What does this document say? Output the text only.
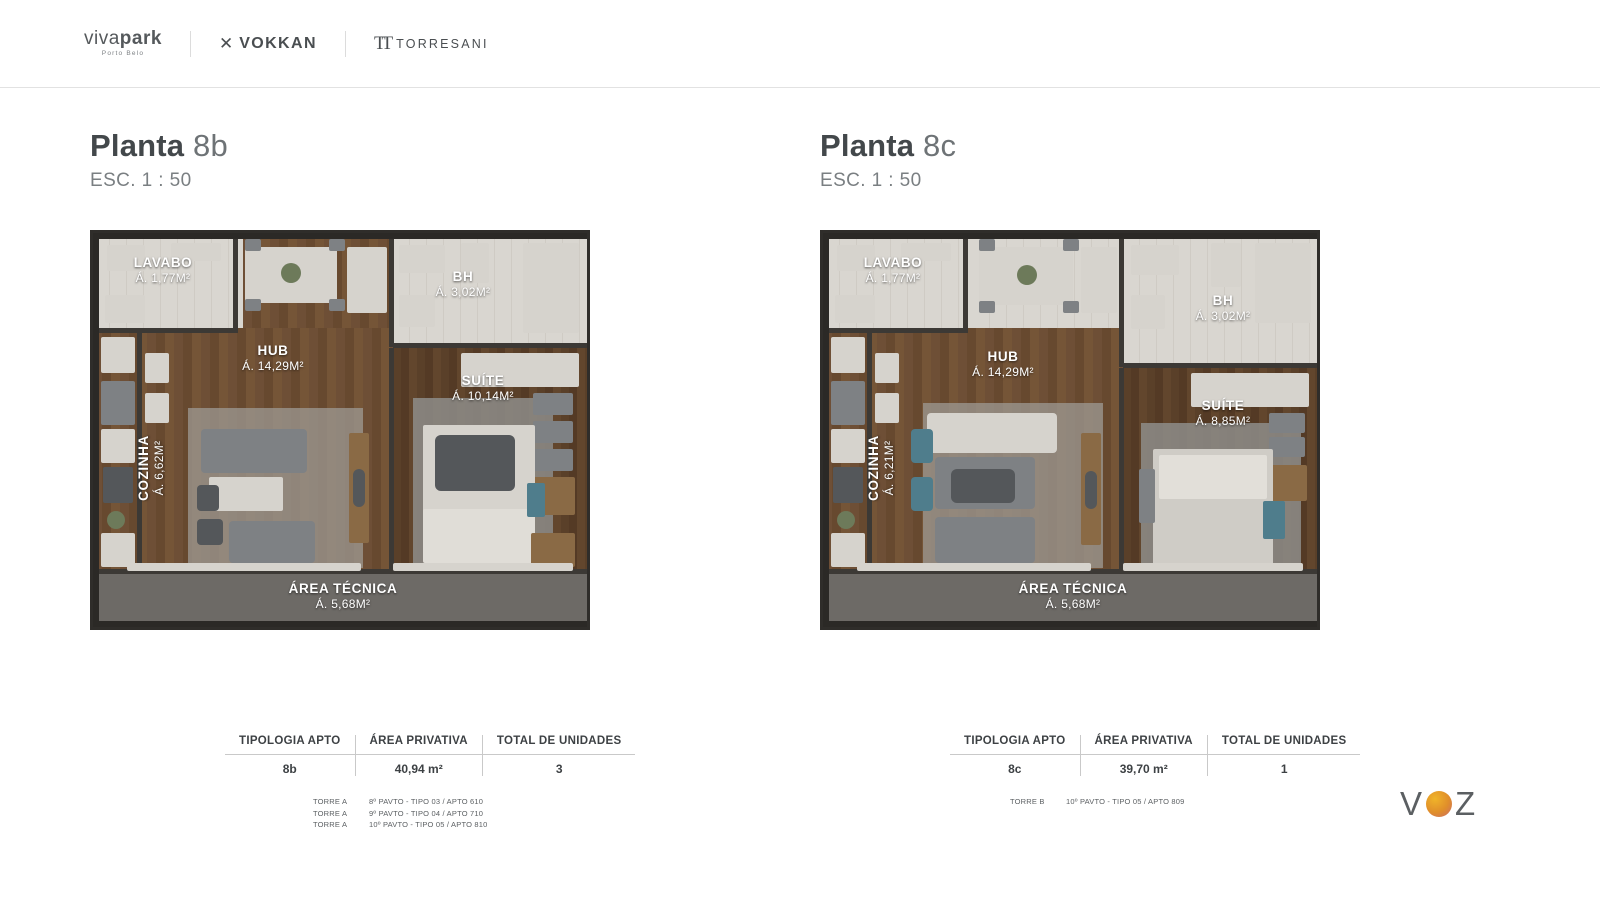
vivapark
Porto Belo
✕ VOKKAN	TT TORRESANI
Planta 8b
ESC. 1 : 50
LAVABO
Á. 1,77M²	BH
Á. 3,02M²
HUB
Á. 14,29M²
SUÍTE
Á. 10,14M²
COZINHA Á. 6,62M²
ÁREA TÉCNICA
Á. 5,68M²
Planta 8c
ESC. 1 : 50
LAVABO
Á. 1,77M²
BH
Á. 3,02M²
HUB
Á. 14,29M²
SUÍTE
Á. 8,85M²
COZINHA Á. 6,21M²
ÁREA TÉCNICA
Á. 5,68M²
TIPOLOGIA APTO	ÁREA PRIVATIVA	TOTAL DE UNIDADES
8b	40,94 m²	3
TORRE A	8º PAVTO - TIPO 03 / APTO 610
TORRE A	9º PAVTO - TIPO 04 / APTO 710
TORRE A	10º PAVTO - TIPO 05 / APTO 810
TIPOLOGIA APTO	ÁREA PRIVATIVA	TOTAL DE UNIDADES
8c	39,70 m²	1
TORRE B	10º PAVTO - TIPO 05 / APTO 809	V Z
